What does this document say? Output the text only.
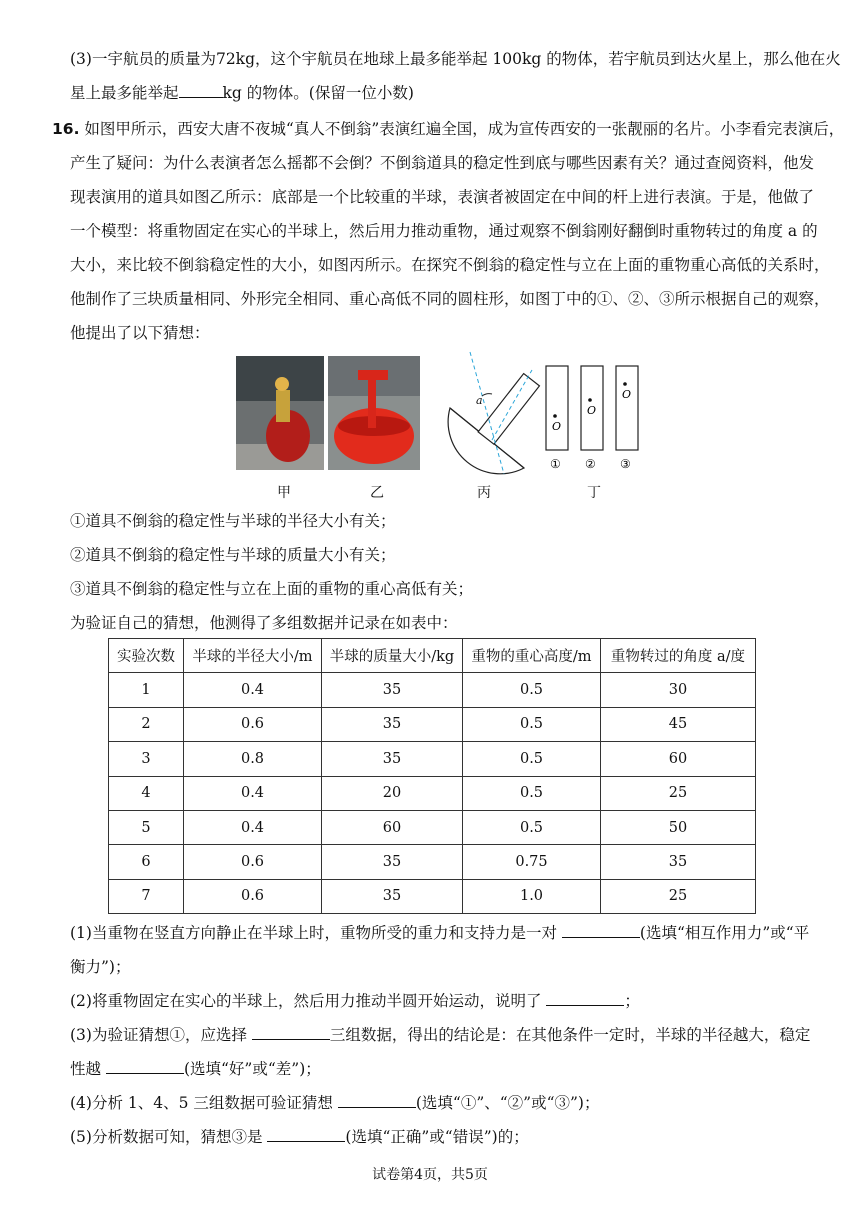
(3)一宇航员的质量为72kg，这个宇航员在地球上最多能举起 100kg 的物体，若宇航员到达火星上，那么他在火
星上最多能举起	kg 的物体。(保留一位小数)
16. 如图甲所示，西安大唐不夜城“真人不倒翁”表演红遍全国，成为宣传西安的一张靓丽的名片。小李看完表演后，
产生了疑问：为什么表演者怎么摇都不会倒？不倒翁道具的稳定性到底与哪些因素有关？通过查阅资料，他发
现表演用的道具如图乙所示：底部是一个比较重的半球，表演者被固定在中间的杆上进行表演。于是，他做了
一个模型：将重物固定在实心的半球上，然后用力推动重物，通过观察不倒翁刚好翻倒时重物转过的角度 a 的
大小，来比较不倒翁稳定性的大小，如图丙所示。在探究不倒翁的稳定性与立在上面的重物重心高低的关系时，
他制作了三块质量相同、外形完全相同、重心高低不同的圆柱形，如图丁中的①、②、③所示根据自己的观察，
他提出了以下猜想：
a
O
O
O
① ② ③
甲	乙	丙	丁
①道具不倒翁的稳定性与半球的半径大小有关；
②道具不倒翁的稳定性与半球的质量大小有关；
③道具不倒翁的稳定性与立在上面的重物的重心高低有关；
为验证自己的猜想，他测得了多组数据并记录在如表中：
实验次数	半球的半径大小/m	半球的质量大小/kg	重物的重心高度/m	重物转过的角度 a/度
1	0.4	35	0.5	30
2	0.6	35	0.5	45
3	0.8	35	0.5	60
4	0.4	20	0.5	25
5	0.4	60	0.5	50
6	0.6	35	0.75	35
7	0.6	35	1.0	25
(1)当重物在竖直方向静止在半球上时，重物所受的重力和支持力是一对	(选填“相互作用力”或“平
衡力”)；
(2)将重物固定在实心的半球上，然后用力推动半圆开始运动，说明了	；
(3)为验证猜想①，应选择	三组数据，得出的结论是：在其他条件一定时，半球的半径越大，稳定
性越	(选填“好”或“差”)；
(4)分析 1、4、5 三组数据可验证猜想	(选填“①”、“②”或“③”)；
(5)分析数据可知，猜想③是	(选填“正确”或“错误”)的；
试卷第4页，共5页
